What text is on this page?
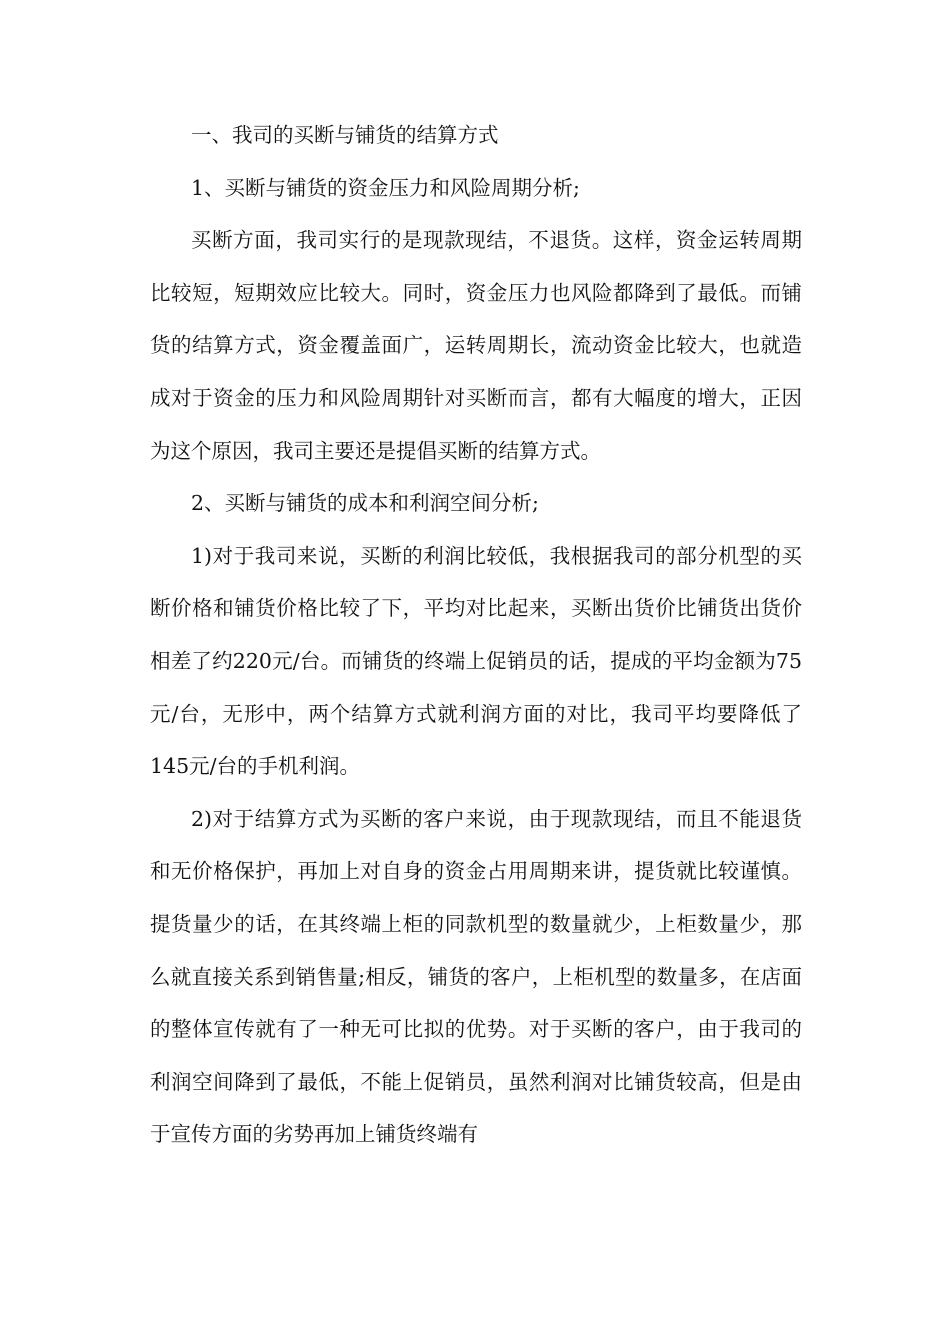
一、我司的买断与铺货的结算方式

1、买断与铺货的资金压力和风险周期分析;

买断方面，我司实行的是现款现结，不退货。这样，资金运转周期比较短，短期效应比较大。同时，资金压力也风险都降到了最低。而铺货的结算方式，资金覆盖面广，运转周期长，流动资金比较大，也就造成对于资金的压力和风险周期针对买断而言，都有大幅度的增大，正因为这个原因，我司主要还是提倡买断的结算方式。

2、买断与铺货的成本和利润空间分析;

1)对于我司来说，买断的利润比较低，我根据我司的部分机型的买断价格和铺货价格比较了下，平均对比起来，买断出货价比铺货出货价相差了约220元/台。而铺货的终端上促销员的话，提成的平均金额为75元/台，无形中，两个结算方式就利润方面的对比，我司平均要降低了145元/台的手机利润。

2)对于结算方式为买断的客户来说，由于现款现结，而且不能退货和无价格保护，再加上对自身的资金占用周期来讲，提货就比较谨慎。提货量少的话，在其终端上柜的同款机型的数量就少，上柜数量少，那么就直接关系到销售量;相反，铺货的客户，上柜机型的数量多，在店面的整体宣传就有了一种无可比拟的优势。对于买断的客户，由于我司的利润空间降到了最低，不能上促销员，虽然利润对比铺货较高，但是由于宣传方面的劣势再加上铺货终端有
